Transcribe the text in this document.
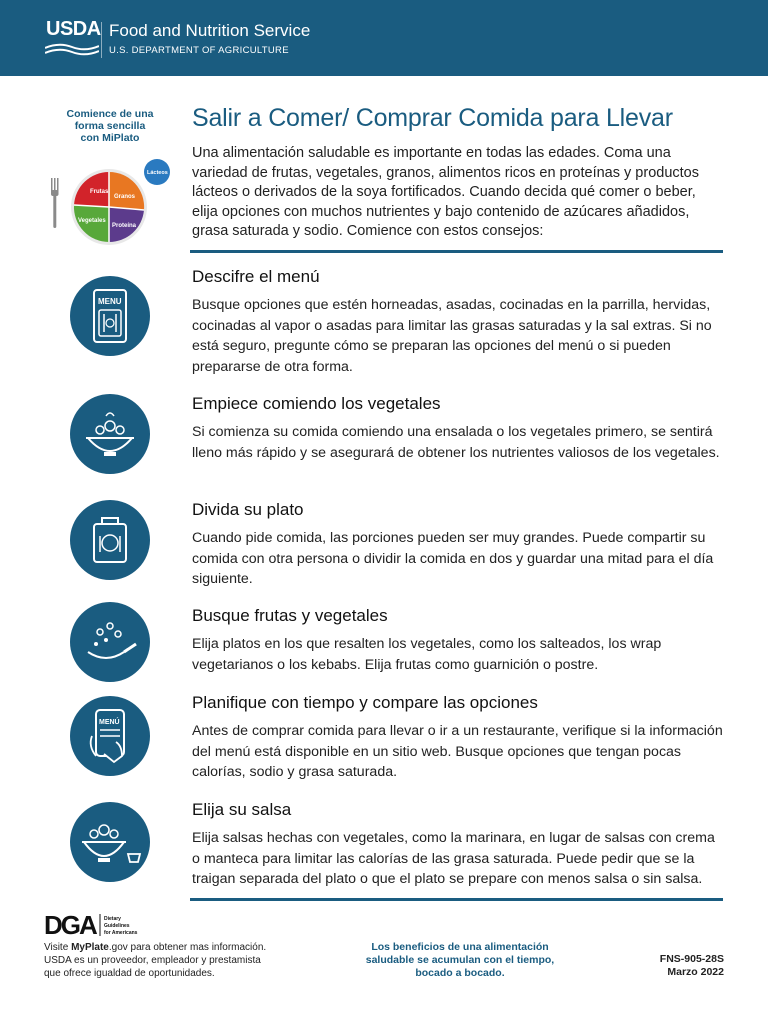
USDA Food and Nutrition Service
U.S. DEPARTMENT OF AGRICULTURE
Comience de una
forma sencilla
con MiPlato
Frutas
Granos
Vegetales
Proteína
Lácteos
Salir a Comer/ Comprar Comida para Llevar
Una alimentación saludable es importante en todas las edades. Coma una variedad de frutas, vegetales, granos, alimentos ricos en proteínas y productos lácteos o derivados de la soya fortificados. Cuando decida qué comer o beber, elija opciones con muchos nutrientes y bajo contenido de azúcares añadidos, grasa saturada y sodio. Comience con estos consejos:
Descifre el menú

Busque opciones que estén horneadas, asadas, cocinadas en la parrilla, hervidas, cocinadas al vapor o asadas para limitar las grasas saturadas y la sal extras. Si no está seguro, pregunte cómo se preparan las opciones del menú o si pueden prepararse de otra forma.

MENU
Empiece comiendo los vegetales

Si comienza su comida comiendo una ensalada o los vegetales primero, se sentirá lleno más rápido y se asegurará de obtener los nutrientes valiosos de los vegetales.

Divida su plato

Cuando pide comida, las porciones pueden ser muy grandes. Puede compartir su comida con otra persona o dividir la comida en dos y guardar una mitad para el día siguiente.

Busque frutas y vegetales

Elija platos en los que resalten los vegetales, como los salteados, los wrap vegetarianos o los kebabs. Elija frutas como guarnición o postre.

Planifique con tiempo y compare las opciones

Antes de comprar comida para llevar o ir a un restaurante, verifique si la información del menú está disponible en un sitio web. Busque opciones que tengan pocas calorías, sodio y grasa saturada.

MENÚ
Elija su salsa

Elija salsas hechas con vegetales, como la marinara, en lugar de salsas con crema o manteca para limitar las calorías de las grasa saturada. Puede pedir que se la traigan separada del plato o que el plato se prepare con menos salsa o sin salsa.

DGA	Dietary
Guidelines
for Americans
Visite MyPlate.gov para obtener mas información.
USDA es un proveedor, empleador y prestamista
que ofrece igualdad de oportunidades.
Los beneficios de una alimentación
saludable se acumulan con el tiempo,
bocado a bocado.
FNS-905-28S
Marzo 2022
